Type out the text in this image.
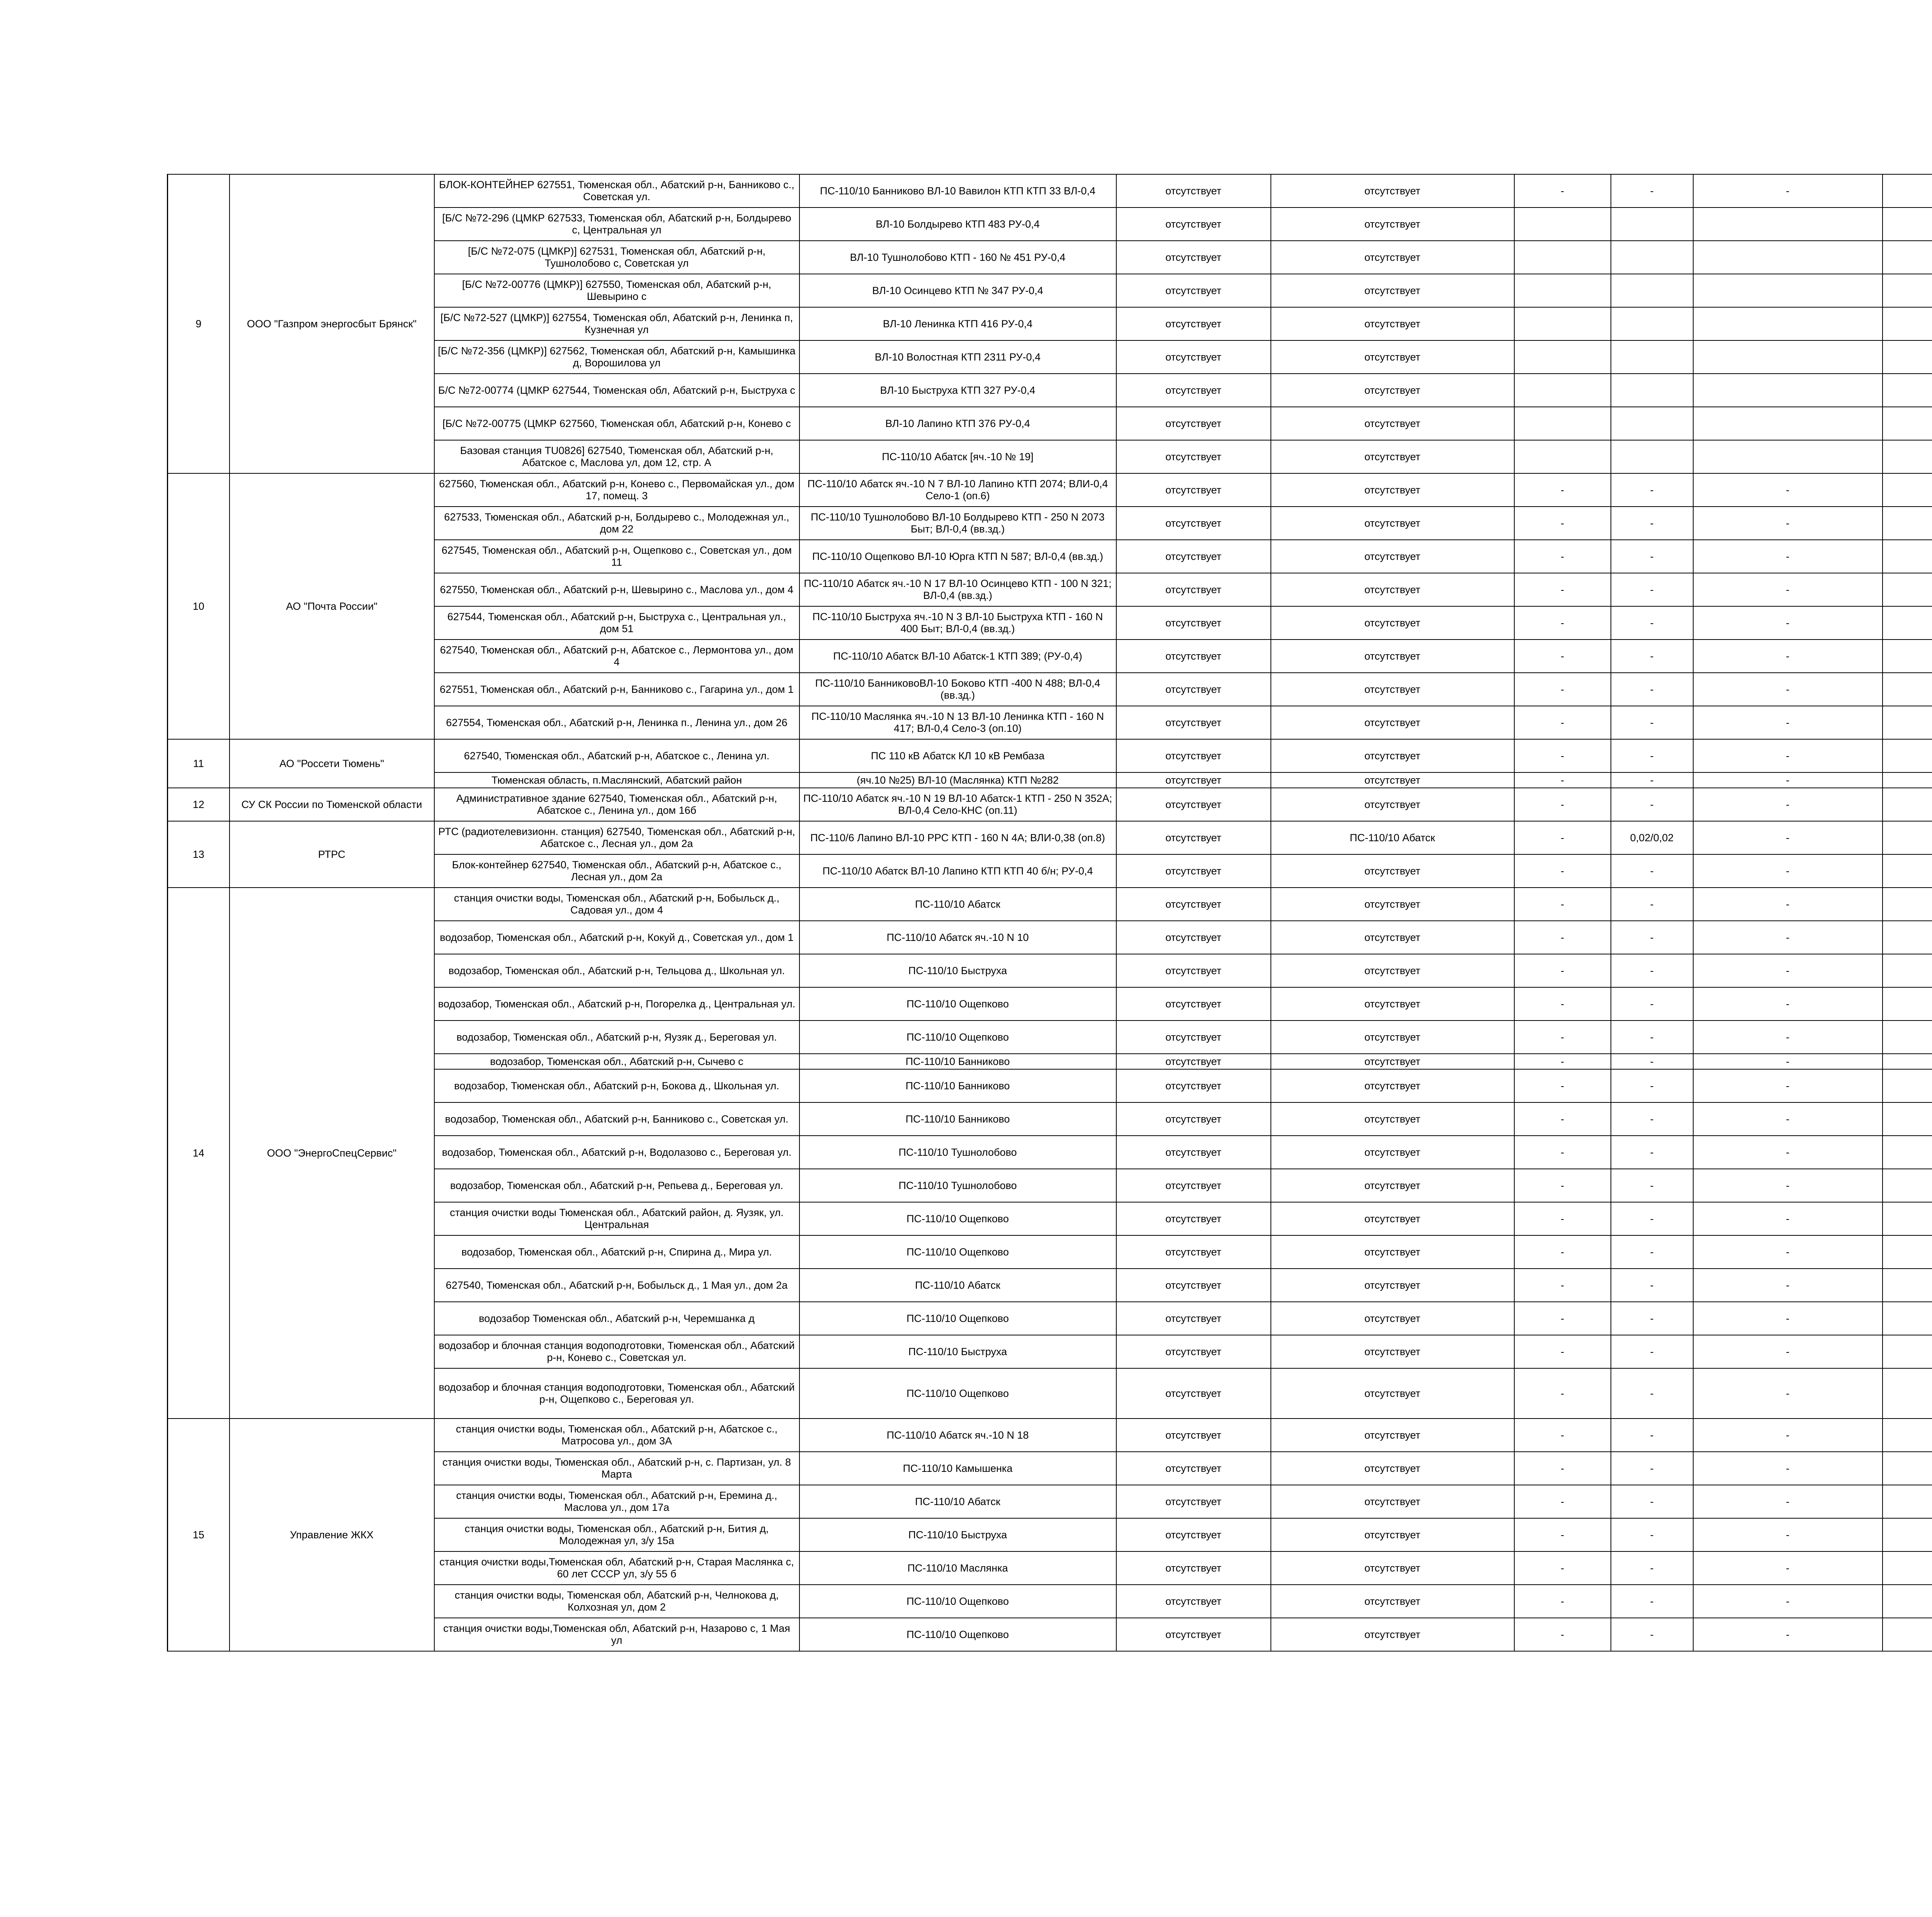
9	ООО "Газпром энергосбыт Брянск"	БЛОК-КОНТЕЙНЕР 627551, Тюменская обл., Абатский р-н, Банниково с., Советская ул.	ПС-110/10 Банниково ВЛ-10 Вавилон КТП КТП 33 ВЛ-0,4	отсутствует	отсутствует	-	-	-		
		[Б/С №72-296 (ЦМКР 627533, Тюменская обл, Абатский р-н, Болдырево с, Центральная ул	ВЛ-10 Болдырево КТП 483 РУ-0,4	отсутствует	отсутствует					
		[Б/С №72-075 (ЦМКР)] 627531, Тюменская обл, Абатский р-н, Тушнолобово с, Советская ул	ВЛ-10 Тушнолобово КТП - 160 № 451 РУ-0,4	отсутствует	отсутствует					
		[Б/С №72-00776 (ЦМКР)] 627550, Тюменская обл, Абатский р-н, Шевырино с	ВЛ-10 Осинцево КТП № 347 РУ-0,4	отсутствует	отсутствует					
		[Б/С №72-527 (ЦМКР)] 627554, Тюменская обл, Абатский р-н, Ленинка п, Кузнечная ул	ВЛ-10 Ленинка КТП 416 РУ-0,4	отсутствует	отсутствует					
		[Б/С №72-356 (ЦМКР)] 627562, Тюменская обл, Абатский р-н, Камышинка д, Ворошилова ул	ВЛ-10 Волостная КТП 2311 РУ-0,4	отсутствует	отсутствует					
		Б/С №72-00774 (ЦМКР 627544, Тюменская обл, Абатский р-н, Быструха с	ВЛ-10 Быструха КТП 327 РУ-0,4	отсутствует	отсутствует					
		[Б/С №72-00775 (ЦМКР 627560, Тюменская обл, Абатский р-н, Конево с	ВЛ-10 Лапино КТП 376 РУ-0,4	отсутствует	отсутствует					
		Базовая станция TU0826] 627540, Тюменская обл, Абатский р-н, Абатское с, Маслова ул, дом 12, стр. А	ПС-110/10 Абатск [яч.-10 № 19]	отсутствует	отсутствует					
10	АО "Почта России"	627560, Тюменская обл., Абатский р-н, Конево с., Первомайская ул., дом 17, помещ. 3	ПС-110/10 Абатск яч.-10 N 7 ВЛ-10 Лапино КТП 2074; ВЛИ-0,4 Село-1 (оп.6)	отсутствует	отсутствует	-	-	-		
		627533, Тюменская обл., Абатский р-н, Болдырево с., Молодежная ул., дом 22	ПС-110/10 Тушнолобово ВЛ-10 Болдырево КТП - 250 N 2073 Быт; ВЛ-0,4 (вв.зд.)	отсутствует	отсутствует	-	-	-		
		627545, Тюменская обл., Абатский р-н, Ощепково с., Советская ул., дом 11	ПС-110/10 Ощепково ВЛ-10 Юрга КТП N 587; ВЛ-0,4 (вв.зд.)	отсутствует	отсутствует	-	-	-		
		627550, Тюменская обл., Абатский р-н, Шевырино с., Маслова ул., дом 4	ПС-110/10 Абатск яч.-10 N 17 ВЛ-10 Осинцево КТП - 100 N 321; ВЛ-0,4 (вв.зд.)	отсутствует	отсутствует	-	-	-		
		627544, Тюменская обл., Абатский р-н, Быструха с., Центральная ул., дом 51	ПС-110/10 Быструха яч.-10 N 3 ВЛ-10 Быструха КТП - 160 N 400 Быт; ВЛ-0,4 (вв.зд.)	отсутствует	отсутствует	-	-	-		
		627540, Тюменская обл., Абатский р-н, Абатское с., Лермонтова ул., дом 4	ПС-110/10 Абатск ВЛ-10 Абатск-1 КТП 389; (РУ-0,4)	отсутствует	отсутствует	-	-	-		
		627551, Тюменская обл., Абатский р-н, Банниково с., Гагарина ул., дом 1	ПС-110/10 БанниковоВЛ-10 Боково КТП -400 N 488; ВЛ-0,4 (вв.зд.)	отсутствует	отсутствует	-	-	-		
		627554, Тюменская обл., Абатский р-н, Ленинка п., Ленина ул., дом 26	ПС-110/10 Маслянка яч.-10 N 13 ВЛ-10 Ленинка КТП - 160 N 417; ВЛ-0,4 Село-3 (оп.10)	отсутствует	отсутствует	-	-	-		
11	АО "Россети Тюмень"	627540, Тюменская обл., Абатский р-н, Абатское с., Ленина ул.	ПС 110 кВ Абатск КЛ 10 кВ Рембаза	отсутствует	отсутствует	-	-	-		
		Тюменская область, п.Маслянский, Абатский район	(яч.10 №25) ВЛ-10 (Маслянка) КТП №282	отсутствует	отсутствует	-	-	-		
12	СУ СК России по Тюменской области	Административное здание 627540, Тюменская обл., Абатский р-н, Абатское с., Ленина ул., дом 16б	ПС-110/10 Абатск яч.-10 N 19 ВЛ-10 Абатск-1 КТП - 250 N 352А; ВЛ-0,4 Село-КНС (оп.11)	отсутствует	отсутствует	-	-	-		
13	РТРС	РТС (радиотелевизионн. станция) 627540, Тюменская обл., Абатский р-н, Абатское с., Лесная ул., дом 2а	ПС-110/6 Лапино ВЛ-10 РРС КТП - 160 N 4А; ВЛИ-0,38 (оп.8)	отсутствует	ПС-110/10 Абатск	-	0,02/0,02	-		
		Блок-контейнер 627540, Тюменская обл., Абатский р-н, Абатское с., Лесная ул., дом 2а	ПС-110/10 Абатск ВЛ-10 Лапино КТП КТП 40 б/н; РУ-0,4	отсутствует	отсутствует	-	-	-		
14	ООО "ЭнергоСпецСервис"	станция очистки воды, Тюменская обл., Абатский р-н, Бобыльск д., Садовая ул., дом 4	ПС-110/10 Абатск	отсутствует	отсутствует	-	-	-		
		водозабор, Тюменская обл., Абатский р-н, Кокуй д., Советская ул., дом 1	ПС-110/10 Абатск яч.-10 N 10	отсутствует	отсутствует	-	-	-		
		водозабор, Тюменская обл., Абатский р-н, Тельцова д., Школьная ул.	ПС-110/10 Быструха	отсутствует	отсутствует	-	-	-		
		водозабор, Тюменская обл., Абатский р-н, Погорелка д., Центральная ул.	ПС-110/10 Ощепково	отсутствует	отсутствует	-	-	-		
		водозабор, Тюменская обл., Абатский р-н, Яузяк д., Береговая ул.	ПС-110/10 Ощепково	отсутствует	отсутствует	-	-	-		
		водозабор, Тюменская обл., Абатский р-н, Сычево с	ПС-110/10 Банниково	отсутствует	отсутствует	-	-	-		
		водозабор, Тюменская обл., Абатский р-н, Бокова д., Школьная ул.	ПС-110/10 Банниково	отсутствует	отсутствует	-	-	-		
		водозабор, Тюменская обл., Абатский р-н, Банниково с., Советская ул.	ПС-110/10 Банниково	отсутствует	отсутствует	-	-	-		
		водозабор, Тюменская обл., Абатский р-н, Водолазово с., Береговая ул.	ПС-110/10 Тушнолобово	отсутствует	отсутствует	-	-	-		
		водозабор, Тюменская обл., Абатский р-н, Репьева д., Береговая ул.	ПС-110/10 Тушнолобово	отсутствует	отсутствует	-	-	-		
		станция очистки воды Тюменская обл., Абатский район, д. Яузяк, ул. Центральная	ПС-110/10 Ощепково	отсутствует	отсутствует	-	-	-		
		водозабор, Тюменская обл., Абатский р-н, Спирина д., Мира ул.	ПС-110/10 Ощепково	отсутствует	отсутствует	-	-	-		
		627540, Тюменская обл., Абатский р-н, Бобыльск д., 1 Мая ул., дом 2а	ПС-110/10 Абатск	отсутствует	отсутствует	-	-	-		
		водозабор Тюменская обл., Абатский р-н, Черемшанка д	ПС-110/10 Ощепково	отсутствует	отсутствует	-	-	-		
		водозабор и блочная станция водоподготовки, Тюменская обл., Абатский р-н, Конево с., Советская ул.	ПС-110/10 Быструха	отсутствует	отсутствует	-	-	-		
		водозабор и блочная станция водоподготовки, Тюменская обл., Абатский р-н, Ощепково с., Береговая ул.	ПС-110/10 Ощепково	отсутствует	отсутствует	-	-	-		
15	Управление ЖКХ	станция очистки воды, Тюменская обл., Абатский р-н, Абатское с., Матросова ул., дом 3А	ПС-110/10 Абатск яч.-10 N 18	отсутствует	отсутствует	-	-	-		
		станция очистки воды, Тюменская обл., Абатский р-н, с. Партизан, ул. 8 Марта	ПС-110/10 Камышенка	отсутствует	отсутствует	-	-	-		
		станция очистки воды, Тюменская обл., Абатский р-н, Еремина д., Маслова ул., дом 17а	ПС-110/10 Абатск	отсутствует	отсутствует	-	-	-		
		станция очистки воды, Тюменская обл., Абатский р-н, Бития д, Молодежная ул, з/у 15а	ПС-110/10 Быструха	отсутствует	отсутствует	-	-	-		
		станция очистки воды,Тюменская обл, Абатский р-н, Старая Маслянка с, 60 лет СССР ул, з/у 55 б	ПС-110/10 Маслянка	отсутствует	отсутствует	-	-	-		
		станция очистки воды, Тюменская обл, Абатский р-н, Челнокова д, Колхозная ул, дом 2	ПС-110/10 Ощепково	отсутствует	отсутствует	-	-	-		
		станция очистки воды,Тюменская обл, Абатский р-н, Назарово с, 1 Мая ул	ПС-110/10 Ощепково	отсутствует	отсутствует	-	-	-		
